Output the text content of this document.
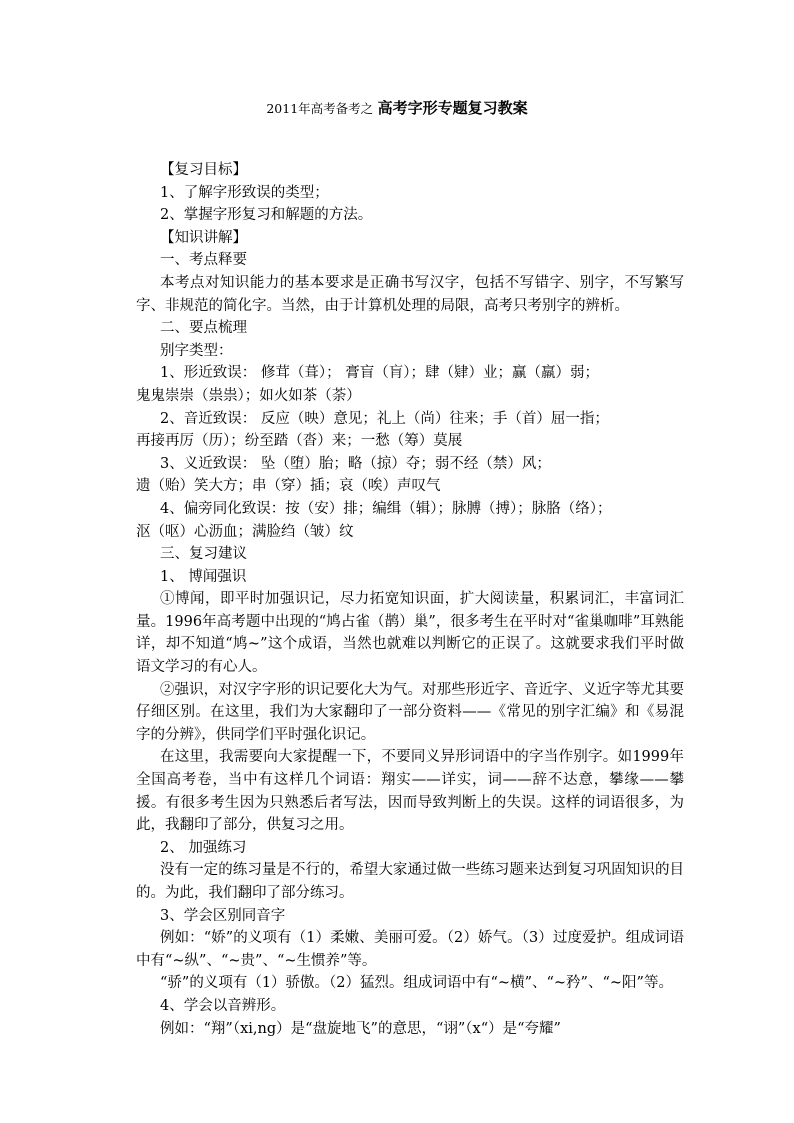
2011年高考备考之 高考字形专题复习教案
【复习目标】
1、了解字形致误的类型；
2、掌握字形复习和解题的方法。
【知识讲解】
一、考点释要
本考点对知识能力的基本要求是正确书写汉字，包括不写错字、别字，不写繁写字、非规范的简化字。当然，由于计算机处理的局限，高考只考别字的辨析。
二、要点梳理
别字类型：
1、形近致误： 修茸（葺）； 膏盲（肓）；肆（肄）业；赢（羸）弱；
鬼鬼崇崇（祟祟）；如火如茶（荼）
2、音近致误： 反应（映）意见；礼上（尚）往来；手（首）屈一指；
再接再厉（历）；纷至踏（沓）来；一愁（筹）莫展
3、义近致误： 坠（堕）胎；略（掠）夺；弱不经（禁）风；
遗（贻）笑大方；串（穿）插；哀（唉）声叹气
4、偏旁同化致误：按（安）排；编缉（辑）；脉膊（搏）；脉胳（络）；
沤（呕）心沥血；满脸绉（皱）纹
三、复习建议
1、 博闻强识
①博闻，即平时加强识记，尽力拓宽知识面，扩大阅读量，积累词汇，丰富词汇量。1996年高考题中出现的“鸠占雀（鹊）巢”，很多考生在平时对“雀巢咖啡”耳熟能详，却不知道“鸠~”这个成语，当然也就难以判断它的正误了。这就要求我们平时做语文学习的有心人。
②强识，对汉字字形的识记要化大为气。对那些形近字、音近字、义近字等尤其要仔细区别。在这里，我们为大家翻印了一部分资料——《常见的别字汇编》和《易混字的分辨》，供同学们平时强化识记。
在这里，我需要向大家提醒一下，不要同义异形词语中的字当作别字。如1999年全国高考卷，当中有这样几个词语：翔实——详实，词——辞不达意，攀缘——攀援。有很多考生因为只熟悉后者写法，因而导致判断上的失误。这样的词语很多，为此，我翻印了部分，供复习之用。
2、 加强练习
没有一定的练习量是不行的，希望大家通过做一些练习题来达到复习巩固知识的目的。为此，我们翻印了部分练习。
3、学会区别同音字
例如：“娇”的义项有（1）柔嫩、美丽可爱。（2）娇气。（3）过度爱护。组成词语中有“~纵”、“~贵”、“~生惯养”等。
“骄”的义项有（1）骄傲。（2）猛烈。组成词语中有“~横”、“~矜”、“~阳”等。
4、学会以音辨形。
例如：“翔”（xi,ng）是“盘旋地飞”的意思，“诩”（x“）是“夸耀”
